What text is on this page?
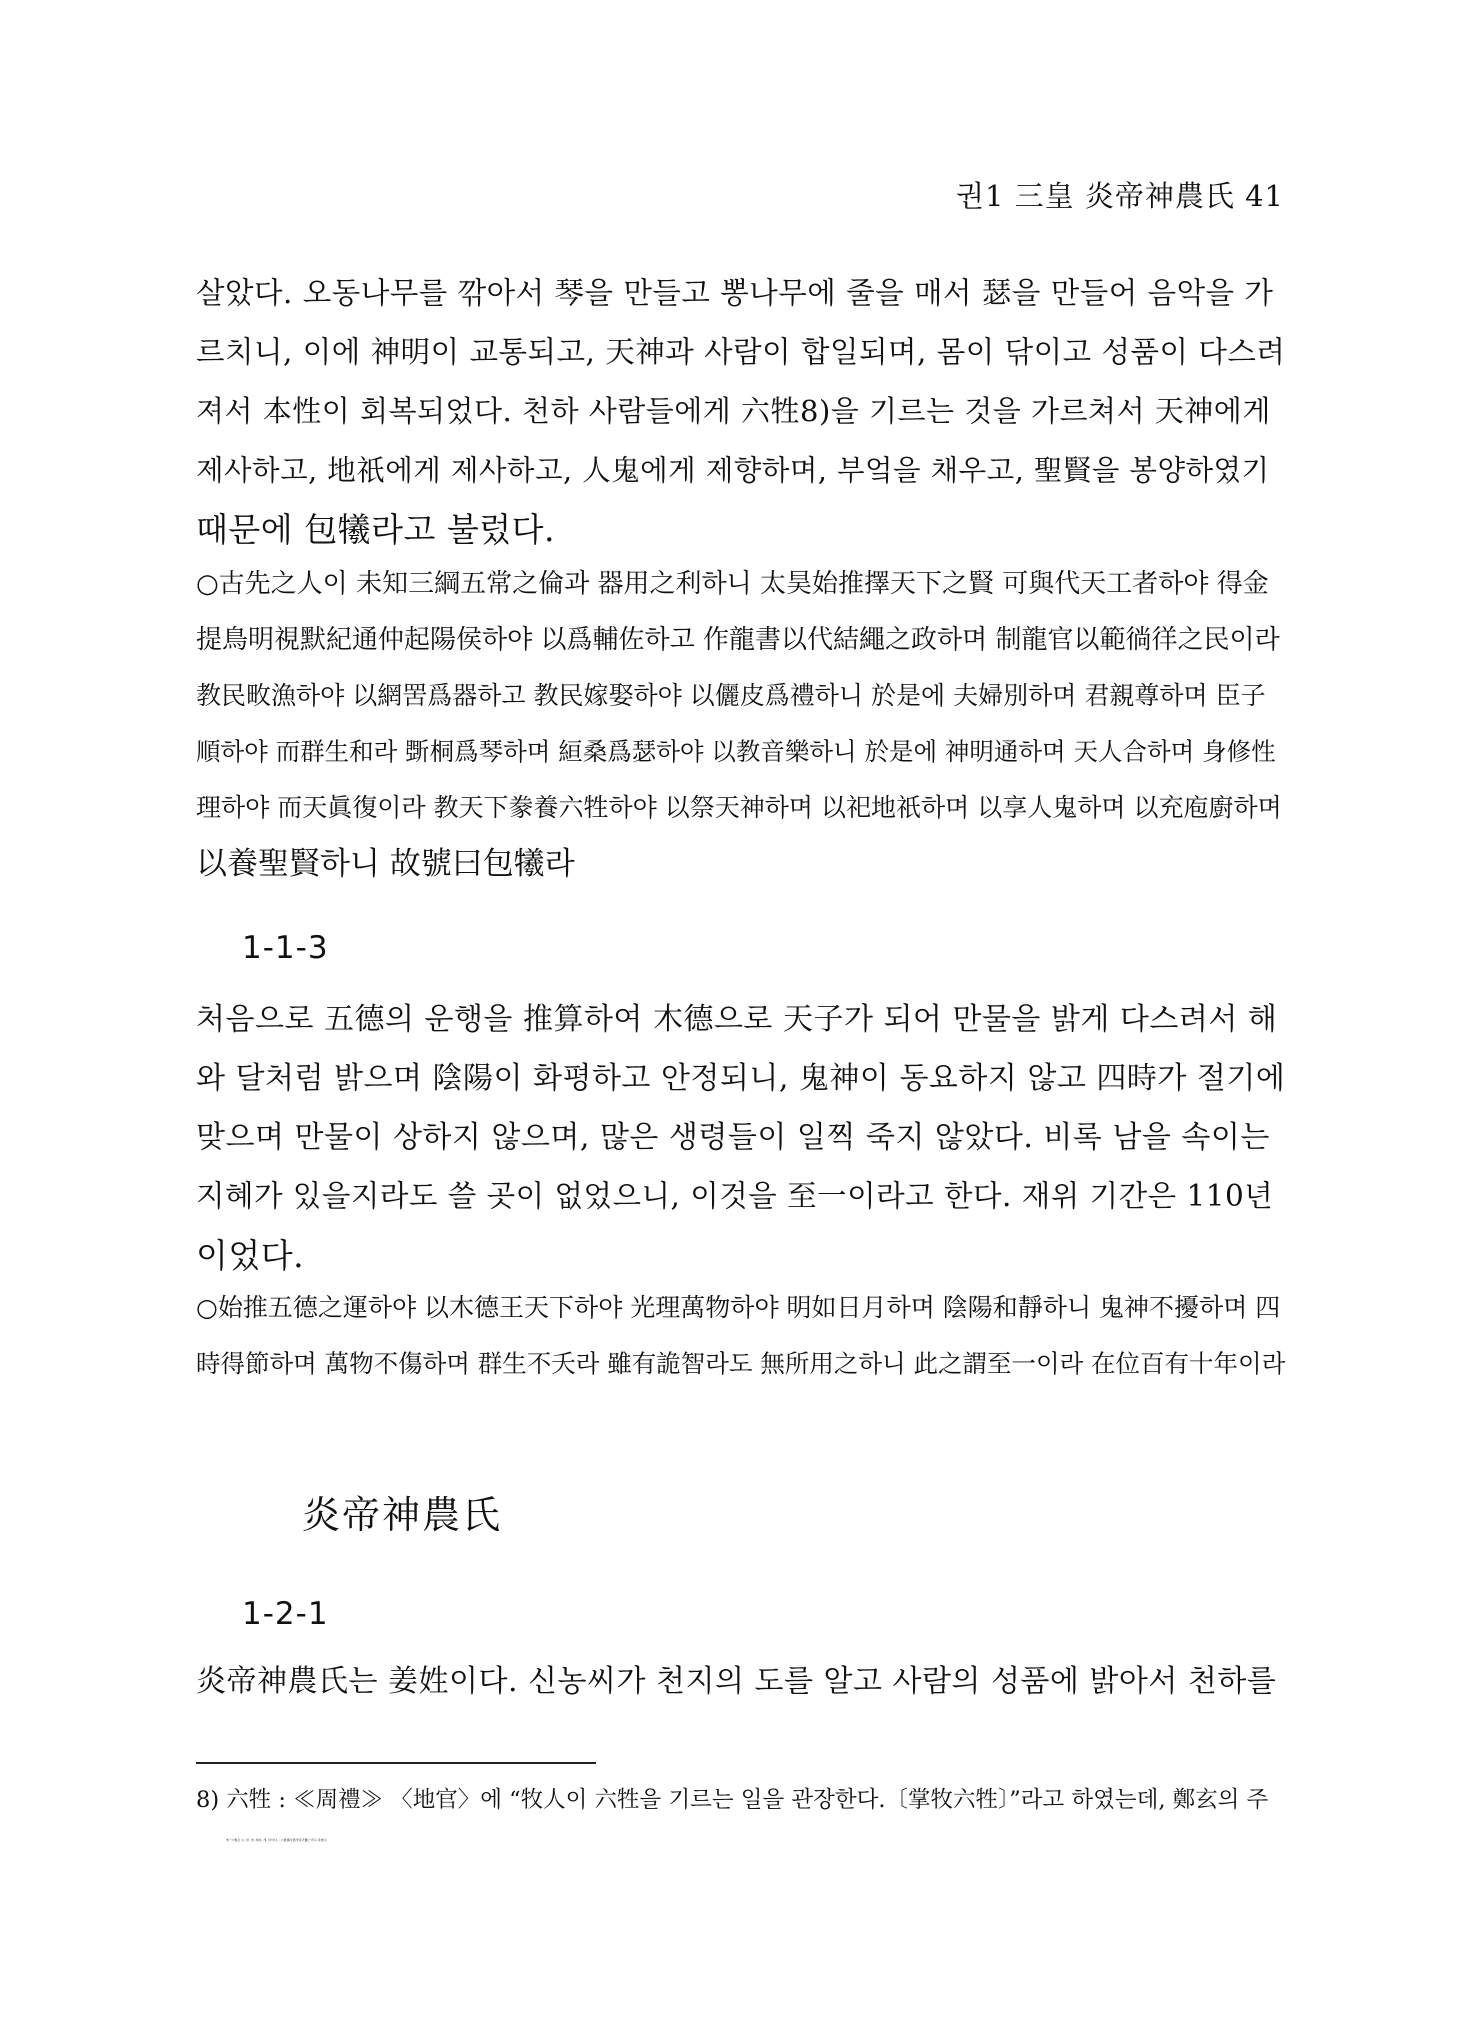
권1 三皇 炎帝神農氏 41
살았다. 오동나무를 깎아서 琴을 만들고 뽕나무에 줄을 매서 瑟을 만들어 음악을 가
르치니, 이에 神明이 교통되고, 天神과 사람이 합일되며, 몸이 닦이고 성품이 다스려
져서 本性이 회복되었다. 천하 사람들에게 六牲8)을 기르는 것을 가르쳐서 天神에게
제사하고, 地祇에게 제사하고, 人鬼에게 제향하며, 부엌을 채우고, 聖賢을 봉양하였기
때문에 包犧라고 불렀다.
○古先之人이 未知三綱五常之倫과 器用之利하니 太昊始推擇天下之賢 可與代天工者하야 得金
提鳥明視默紀通仲起陽侯하야 以爲輔佐하고 作龍書以代結繩之政하며 制龍官以範徜徉之民이라
教民畋漁하야 以網罟爲器하고 教民嫁娶하야 以儷皮爲禮하니 於是에 夫婦別하며 君親尊하며 臣子
順하야 而群生和라 斲桐爲琴하며 絙桑爲瑟하야 以教音樂하니 於是에 神明通하며 天人合하며 身修性
理하야 而天眞復이라 教天下豢養六牲하야 以祭天神하며 以祀地祇하며 以享人鬼하며 以充庖廚하며
以養聖賢하니 故號曰包犧라
1-1-3
처음으로 五德의 운행을 推算하여 木德으로 天子가 되어 만물을 밝게 다스려서 해
와 달처럼 밝으며 陰陽이 화평하고 안정되니, 鬼神이 동요하지 않고 四時가 절기에
맞으며 만물이 상하지 않으며, 많은 생령들이 일찍 죽지 않았다. 비록 남을 속이는
지혜가 있을지라도 쓸 곳이 없었으니, 이것을 至一이라고 한다. 재위 기간은 110년
이었다.
○始推五德之運하야 以木德王天下하야 光理萬物하야 明如日月하며 陰陽和靜하니 鬼神不擾하며 四
時得節하며 萬物不傷하며 群生不夭라 雖有詭智라도 無所用之하니 此之謂至一이라 在位百有十年이라
炎帝神農氏
1-2-1
炎帝神農氏는 姜姓이다. 신농씨가 천지의 도를 알고 사람의 성품에 밝아서 천하를
8) 六牲 : ≪周禮≫ 〈地官〉에 “牧人이 六牲을 기르는 일을 관장한다.〔掌牧六牲〕”라고 하였는데, 鄭玄의 주
에 “六牲은 소, 말, 양, 돼지, 개, 닭이다.〔六牲謂牛馬羊豕犬雞〕”라고 하였다.
